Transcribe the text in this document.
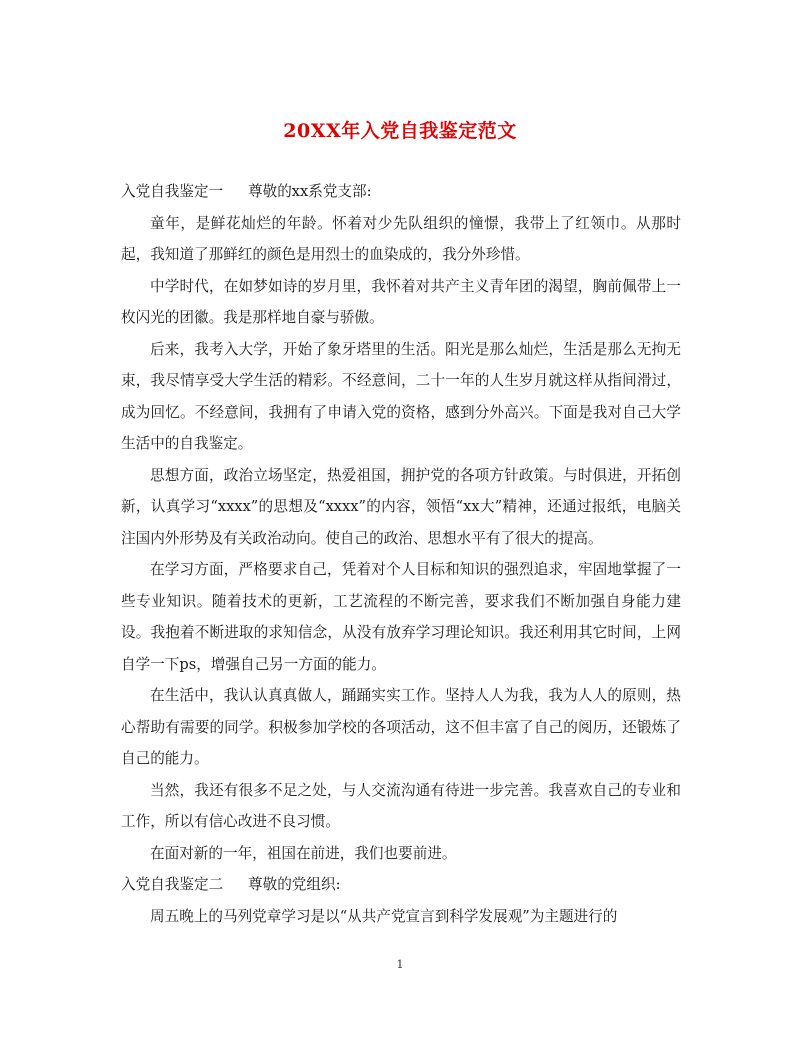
20XX年入党自我鉴定范文
入党自我鉴定一 尊敬的xx系党支部:

童年，是鲜花灿烂的年龄。怀着对少先队组织的憧憬，我带上了红领巾。从那时起，我知道了那鲜红的颜色是用烈士的血染成的，我分外珍惜。

中学时代，在如梦如诗的岁月里，我怀着对共产主义青年团的渴望，胸前佩带上一枚闪光的团徽。我是那样地自豪与骄傲。

后来，我考入大学，开始了象牙塔里的生活。阳光是那么灿烂，生活是那么无拘无束，我尽情享受大学生活的精彩。不经意间，二十一年的人生岁月就这样从指间滑过，成为回忆。不经意间，我拥有了申请入党的资格，感到分外高兴。下面是我对自己大学生活中的自我鉴定。

思想方面，政治立场坚定，热爱祖国，拥护党的各项方针政策。与时俱进，开拓创新，认真学习“xxxx”的思想及“xxxx”的内容，领悟“xx大”精神，还通过报纸，电脑关注国内外形势及有关政治动向。使自己的政治、思想水平有了很大的提高。

在学习方面，严格要求自己，凭着对个人目标和知识的强烈追求，牢固地掌握了一些专业知识。随着技术的更新，工艺流程的不断完善，要求我们不断加强自身能力建设。我抱着不断进取的求知信念，从没有放弃学习理论知识。我还利用其它时间，上网自学一下ps，增强自己另一方面的能力。

在生活中，我认认真真做人，踊踊实实工作。坚持人人为我，我为人人的原则，热心帮助有需要的同学。积极参加学校的各项活动，这不但丰富了自己的阅历，还锻炼了自己的能力。

当然，我还有很多不足之处，与人交流沟通有待进一步完善。我喜欢自己的专业和工作，所以有信心改进不良习惯。

在面对新的一年，祖国在前进，我们也要前进。

入党自我鉴定二 尊敬的党组织:

周五晚上的马列党章学习是以“从共产党宣言到科学发展观”为主题进行的

1
